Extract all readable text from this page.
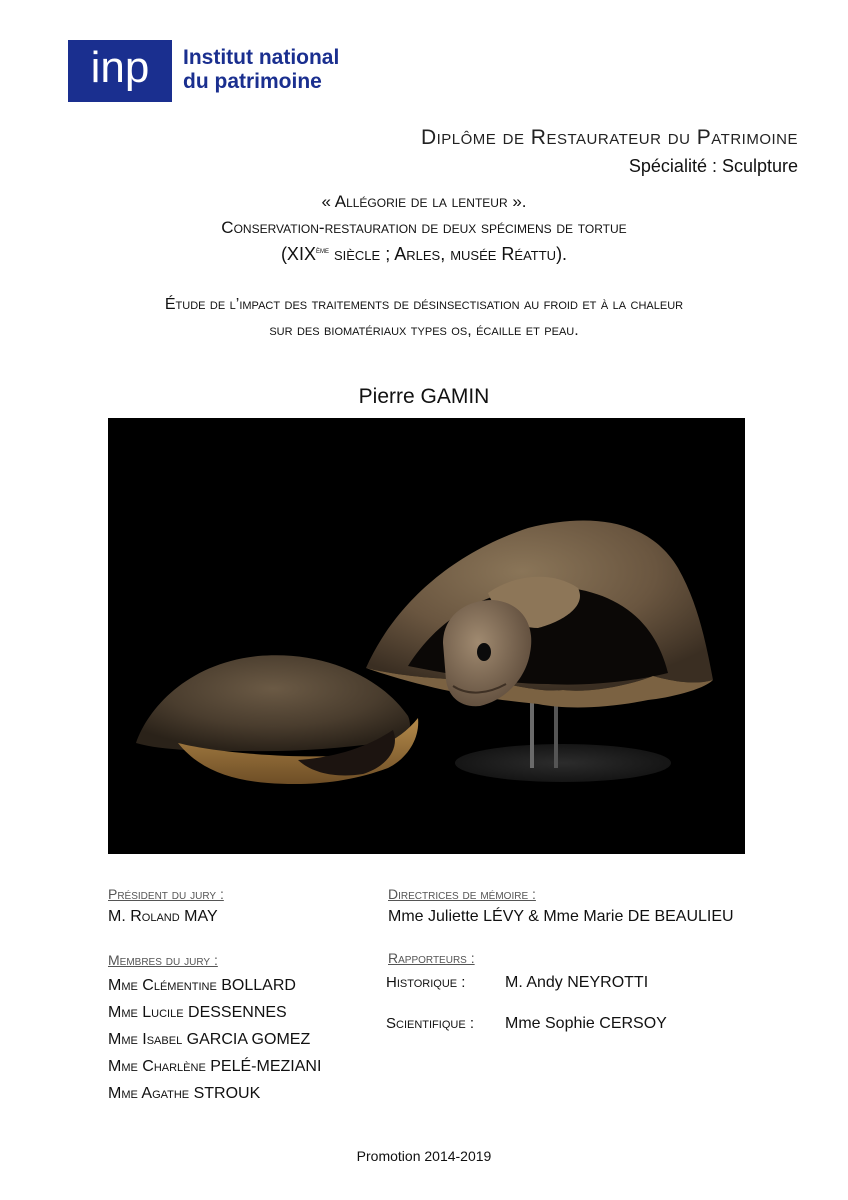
inp	Institut national
du patrimoine
Diplôme de Restaurateur du Patrimoine
Spécialité : Sculpture
« Allégorie de la lenteur ».
Conservation-restauration de deux spécimens de tortue
(XIXème siècle ; Arles, musée Réattu).
Étude de l’impact des traitements de désinsectisation au froid et à la chaleur
sur des biomatériaux types os, écaille et peau.
Pierre GAMIN
Président du jury :
M. Roland MAY
Membres du jury :
Mme Clémentine BOLLARD
Mme Lucile DESSENNES
Mme Isabel GARCIA GOMEZ
Mme Charlène PELÉ-MEZIANI
Mme Agathe STROUK
Directrices de mémoire :
Mme Juliette LÉVY & Mme Marie DE BEAULIEU
Rapporteurs :
Historique : M. Andy NEYROTTI
Scientifique : Mme Sophie CERSOY
Promotion 2014-2019
